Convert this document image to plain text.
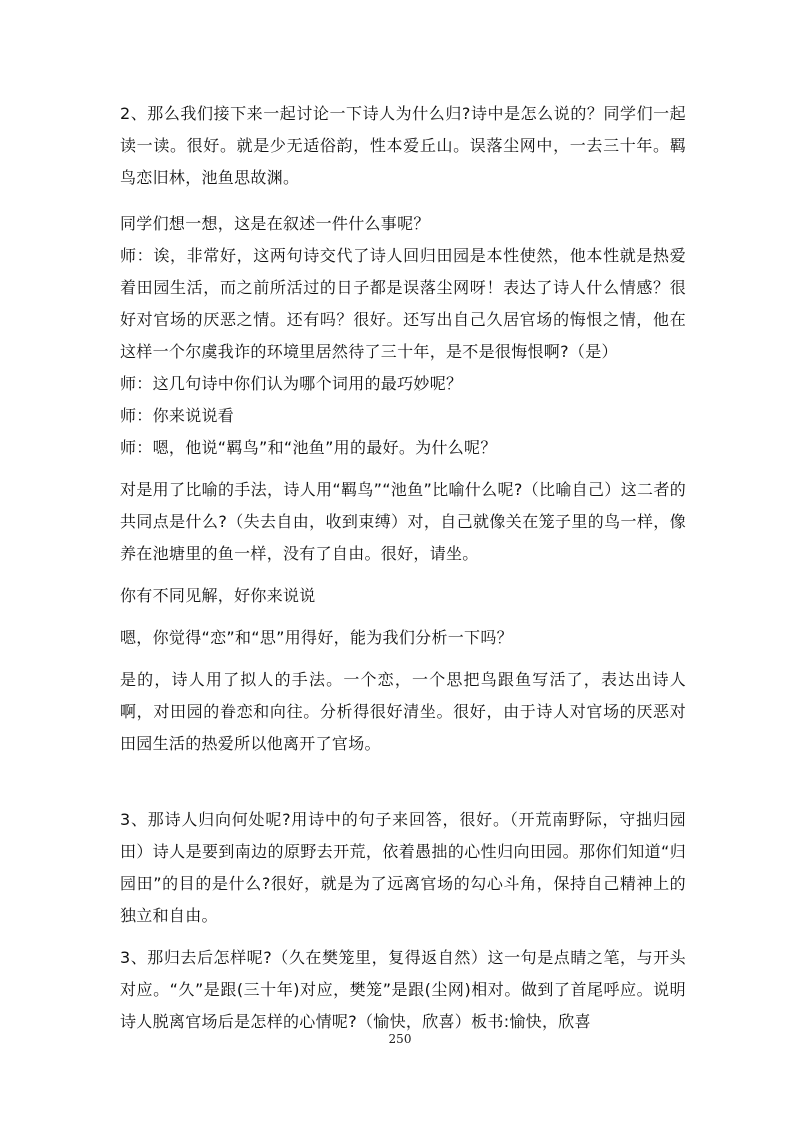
2、那么我们接下来一起讨论一下诗人为什么归?诗中是怎么说的？同学们一起读一读。很好。就是少无适俗韵，性本爱丘山。误落尘网中，一去三十年。羁鸟恋旧林，池鱼思故渊。

同学们想一想，这是在叙述一件什么事呢？

师：诶，非常好，这两句诗交代了诗人回归田园是本性使然，他本性就是热爱着田园生活，而之前所活过的日子都是误落尘网呀！表达了诗人什么情感？很好对官场的厌恶之情。还有吗？很好。还写出自己久居官场的悔恨之情，他在这样一个尔虞我诈的环境里居然待了三十年，是不是很悔恨啊?（是）

师：这几句诗中你们认为哪个词用的最巧妙呢？

师：你来说说看

师：嗯，他说“羁鸟”和“池鱼”用的最好。为什么呢？

对是用了比喻的手法，诗人用“羁鸟”“池鱼”比喻什么呢?（比喻自己）这二者的共同点是什么?（失去自由，收到束缚）对，自己就像关在笼子里的鸟一样，像养在池塘里的鱼一样，没有了自由。很好，请坐。

你有不同见解，好你来说说

嗯，你觉得“恋”和“思”用得好，能为我们分析一下吗？

是的，诗人用了拟人的手法。一个恋，一个思把鸟跟鱼写活了，表达出诗人啊，对田园的眷恋和向往。分析得很好清坐。很好，由于诗人对官场的厌恶对田园生活的热爱所以他离开了官场。

3、那诗人归向何处呢?用诗中的句子来回答，很好。（开荒南野际，守拙归园田）诗人是要到南边的原野去开荒，依着愚拙的心性归向田园。那你们知道“归园田”的目的是什么?很好，就是为了远离官场的勾心斗角，保持自己精神上的独立和自由。

3、那归去后怎样呢?（久在樊笼里，复得返自然）这一句是点睛之笔，与开头对应。“久”是跟(三十年)对应，樊笼”是跟(尘网)相对。做到了首尾呼应。说明诗人脱离官场后是怎样的心情呢?（愉快，欣喜）板书:愉快，欣喜

250
